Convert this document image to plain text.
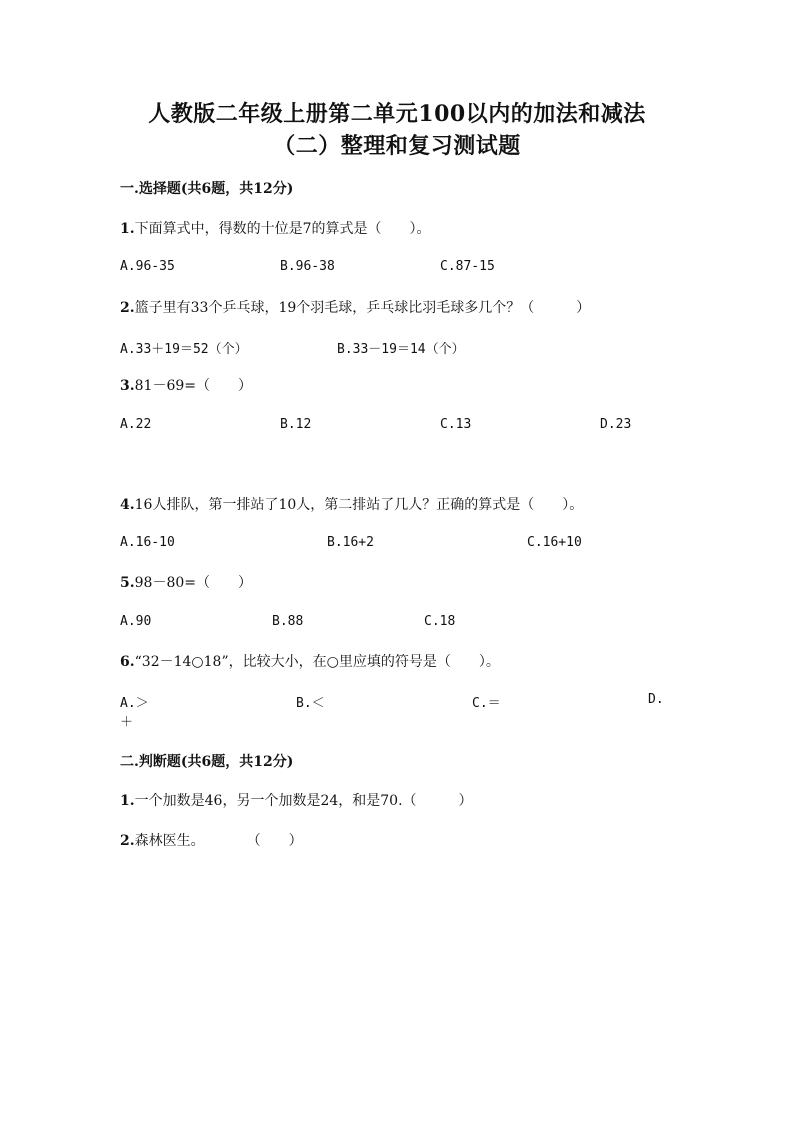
人教版二年级上册第二单元100以内的加法和减法
（二）整理和复习测试题
一.选择题(共6题，共12分)
1.下面算式中，得数的十位是7的算式是（　　）。
A.96-35	B.96-38	C.87-15
2.篮子里有33个乒乓球，19个羽毛球，乒乓球比羽毛球多几个？（　　　）
A.33＋19＝52（个）	B.33－19＝14（个）
3.81－69=（　　）
A.22	B.12	C.13	D.23
4.16人排队，第一排站了10人，第二排站了几人？正确的算式是（　　）。
A.16-10	B.16+2	C.16+10
5.98－80=（　　）
A.90	B.88	C.18
6.“32－14○18”，比较大小，在○里应填的符号是（　　）。
A.＞	B.＜	C.＝	D.
＋
二.判断题(共6题，共12分)
1.一个加数是46，另一个加数是24，和是70.（　　　）
2.森林医生。　　　　（　　）
